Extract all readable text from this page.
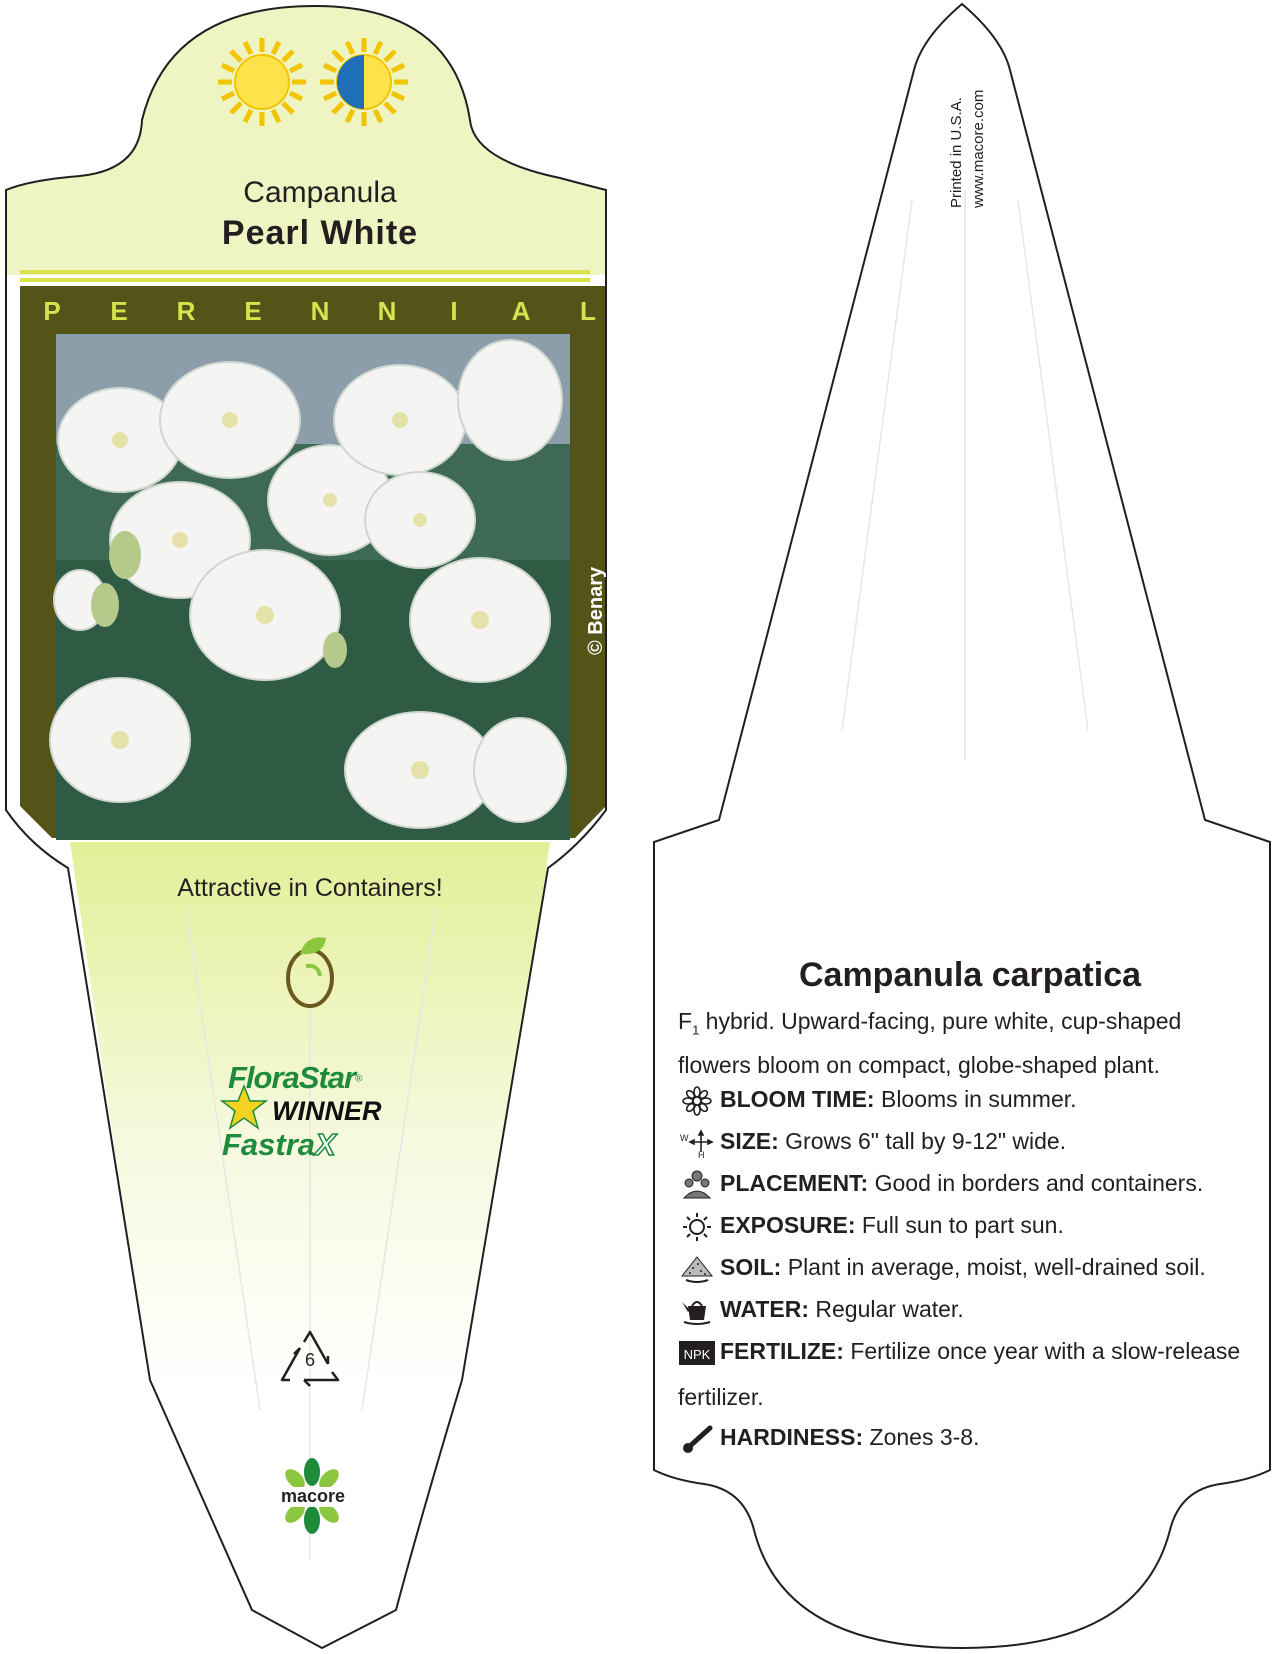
Campanula
Pearl White
P	E	R	E	N	N	I	A	L
© Benary
Attractive in Containers!
FloraStar®
WINNER
FastraX
6
macore
Printed in U.S.A. www.macore.com
Campanula carpatica
$F_1$ hybrid. Upward-facing, pure white, cup-shaped flowers bloom on compact, globe-shaped plant.
BLOOM TIME: Blooms in summer.
W
H
SIZE: Grows 6" tall by 9-12" wide.
PLACEMENT: Good in borders and containers.
EXPOSURE: Full sun to part sun.
SOIL: Plant in average, moist, well-drained soil.
WATER: Regular water.
NPK FERTILIZE: Fertilize once year with a slow-release
fertilizer.
HARDINESS: Zones 3-8.
